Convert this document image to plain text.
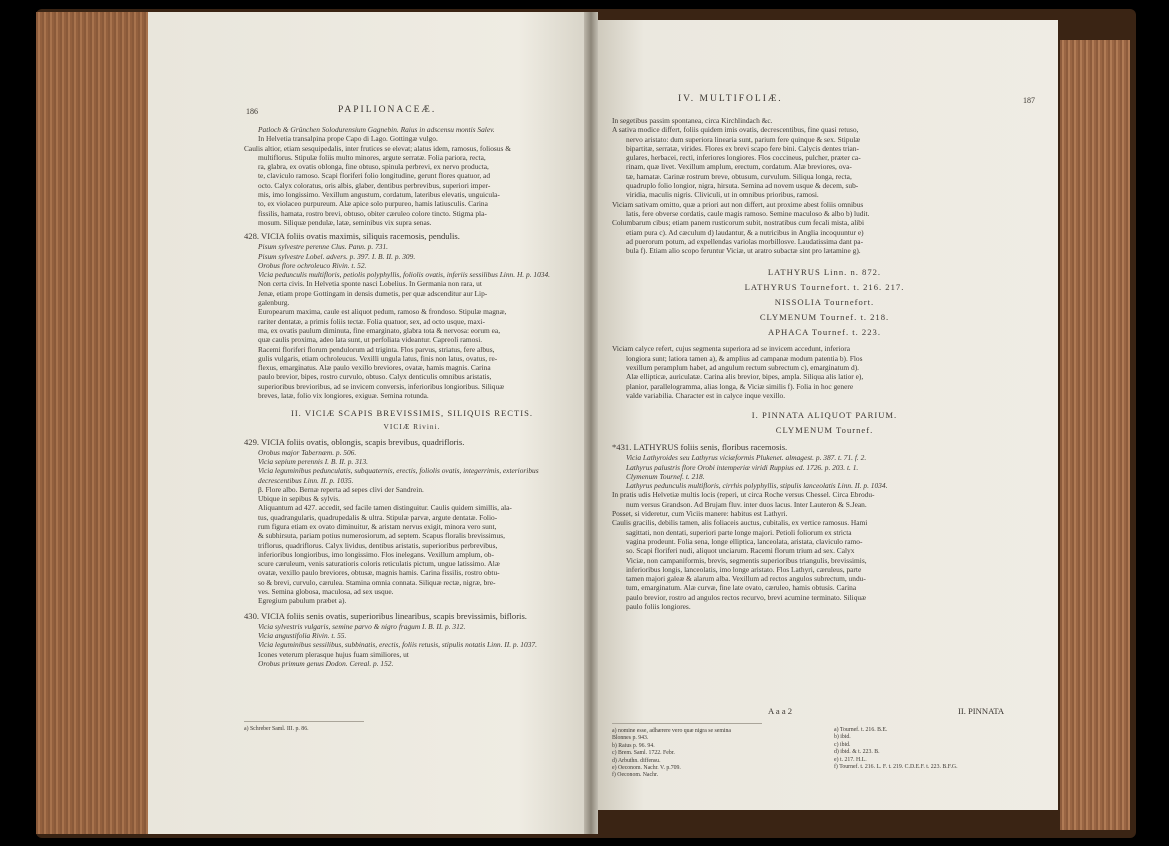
186	PAPILIONACEÆ.

Patloch & Grünchen Solodurensium Gagnebin. Raius in adscensu montis Salev.

In Helvetia transalpina prope Capo di Lago. Gottingæ vulgo.

Caulis altior, etiam sesquipedalis, inter frutices se elevat; alatus idem, ramosus, foliosus &

multiflorus. Stipulæ foliis multo minores, argute serratæ. Folia pariora, recta,

ra, glabra, ex ovatis oblonga, fine obtuso, spinula perbrevi, ex nervo producta,

te, claviculo ramoso. Scapi floriferi folio longitudine, gerunt flores quatuor, ad

octo. Calyx coloratus, oris albis, glaber, dentibus perbrevibus, superiori imper-

mis, imo longissimo. Vexillum angustum, cordatum, lateribus elevatis, unguicula-

to, ex violaceo purpureum. Alæ apice solo purpureo, hamis latiusculis. Carina

fissilis, hamata, rostro brevi, obtuso, obiter cæruleo colore tincto. Stigma pla-

mosum. Siliquæ pendulæ, latæ, seminibus vix supra senas.

428. VICIA foliis ovatis maximis, siliquis racemosis, pendulis.

Pisum sylvestre perenne Clus. Pann. p. 731.

Pisum sylvestre Lobel. advers. p. 397. I. B. II. p. 309.

Orobus flore ochroleuco Rivin. t. 52.

Vicia pedunculis multifloris, petiolis polyphyllis, foliolis ovatis, inferiis sessilibus Linn. H. p. 1034.

Non certa civis. In Helvetia sponte nasci Lobelius. In Germania non rara, ut

Jenæ, etiam prope Gottingam in densis dumetis, per quæ adscenditur aur Lip-

galenburg.

Europearum maxima, caule est aliquot pedum, ramoso & frondoso. Stipulæ magnæ,

rariter dentatæ, a primis foliis tectæ. Folia quatuor, sex, ad octo usque, maxi-

ma, ex ovatis paulum diminuta, fine emarginato, glabra tota & nervosa: eorum ea,

quæ caulis proxima, adeo lata sunt, ut perfoliata videantur. Capreoli ramosi.

Racemi floriferi florum pendulorum ad triginta. Flos parvus, striatus, fere albus,

gulis vulgaris, etiam ochroleucus. Vexilli ungula latus, finis non latus, ovatus, re-

flexus, emarginatus. Alæ paulo vexillo breviores, ovatæ, hamis magnis. Carina

paulo brevior, bipes, rostro curvulo, obtuso. Calyx denticulis omnibus aristatis,

superioribus brevioribus, ad se invicem conversis, inferioribus longioribus. Siliquæ

breves, latæ, folio vix longiores, exiguæ. Semina rotunda.

II. VICIÆ SCAPIS BREVISSIMIS, SILIQUIS RECTIS.

VICIÆ Rivini.

429. VICIA foliis ovatis, oblongis, scapis brevibus, quadrifloris.

Orobus major Tabernæm. p. 506.

Vicia sepium perennis I. B. II. p. 313.

Vicia leguminibus pedunculatis, subquaternis, erectis, foliolis ovatis, integerrimis, exterioribus

decrescentibus Linn. II. p. 1035.

β. Flore albo. Bernæ reperta ad sepes clivi der Sandrein.

Ubique in sepibus & sylvis.

Aliquantum ad 427. accedit, sed facile tamen distinguitur. Caulis quidem simillis, ala-

tus, quadrangularis, quadrupedalis & ultra. Stipulæ parvæ, argute dentatæ. Folio-

rum figura etiam ex ovato diminuitur, & aristam nervus exigit, minora vero sunt,

& subhirsuta, pariam potius numerosiorum, ad septem. Scapus floralis brevissimus,

triflorus, quadriflorus. Calyx lividus, dentibus aristatis, superioribus perbrevibus,

inferioribus longioribus, imo longissimo. Flos inelegans. Vexillum amplum, ob-

scure cæruleum, venis saturatioris coloris reticulatis pictum, ungue latissimo. Alæ

ovatæ, vexillo paulo breviores, obtusæ, magnis hamis. Carina fissilis, rostro obtu-

so & brevi, curvulo, cærulea. Stamina omnia connata. Siliquæ rectæ, nigræ, bre-

ves. Semina globosa, maculosa, ad sex usque.

Egregium pabulum præbet a).

430. VICIA foliis senis ovatis, superioribus linearibus, scapis brevissimis, bifloris.

Vicia sylvestris vulgaris, semine parvo & nigro fragum I. B. II. p. 312.

Vicia angustifolia Rivin. t. 55.

Vicia leguminibus sessilibus, subbinatis, erectis, foliis retusis, stipulis notatis Linn. II. p. 1037.

Icones veterum plerasque hujus fuam similiores, ut

Orobus primum genus Dodon. Cereal. p. 152.

a) Schreber Saml. III. p. 86.

IV. MULTIFOLIÆ.	187

In segetibus passim spontanea, circa Kirchlindach &c.

A sativa modice differt, foliis quidem imis ovatis, decrescentibus, fine quasi retuso,

nervo aristato: dum superiora linearia sunt, parium fere quinque & sex. Stipulæ

bipartitæ, serratæ, virides. Flores ex brevi scapo fere bini. Calycis dentes trian-

gulares, herbacei, recti, inferiores longiores. Flos coccineus, pulcher, præter ca-

rinam, quæ livet. Vexillum amplum, erectum, cordatum. Alæ breviores, ova-

tæ, hamatæ. Carinæ rostrum breve, obtusum, curvulum. Siliqua longa, recta,

quadruplo folio longior, nigra, hirsuta. Semina ad novem usque & decem, sub-

viridia, maculis nigris. Cliviculi, ut in omnibus prioribus, ramosi.

Viciam sativam omitto, quæ a priori aut non differt, aut proxime abest foliis omnibus

latis, fere obverse cordatis, caule magis ramoso. Semine maculoso & albo b) ludit.

Columbarum cibus; etiam panem rusticorum subit, nostratibus cum fecali mista, alibi

etiam pura c). Ad cæculum d) laudantur, & a nutricibus in Anglia incoquuntur e)

ad puerorum potum, ad expellendas variolas morbillosve. Laudatissima dant pa-

bula f). Etiam alio scopo feruntur Viciæ, ut aratro subactæ sint pro lætamine g).

LATHYRUS Linn. n. 872.

LATHYRUS Tournefort. t. 216. 217.

NISSOLIA Tournefort.

CLYMENUM Tournef. t. 218.

APHACA Tournef. t. 223.

Viciam calyce refert, cujus segmenta superiora ad se invicem accedunt, inferiora

longiora sunt; latiora tamen a), & amplius ad campanæ modum patentia b). Flos

vexillum peramplum habet, ad angulum rectum subrectum c), emarginatum d).

Alæ ellipticæ, auriculatæ. Carina alis brevior, bipes, ampla. Siliqua alis latior e),

planior, parallelogramma, alias longa, & Viciæ similis f). Folia in hoc genere

valde variabilia. Character est in calyce inque vexillo.

I. PINNATA ALIQUOT PARIUM.

CLYMENUM Tournef.

*431. LATHYRUS foliis senis, floribus racemosis.

Vicia Lathyroides seu Lathyrus viciæformis Plukenet. almagest. p. 387. t. 71. f. 2.

Lathyrus palustris flore Orobi intemperiæ viridi Ruppius ed. 1726. p. 203. t. 1.

Clymenum Tournef. t. 218.

Lathyrus pedunculis multifloris, cirrhis polyphyllis, stipulis lanceolatis Linn. II. p. 1034.

In pratis udis Helvetiæ multis locis (reperi, ut circa Roche versus Chessel. Circa Ebrodu-

num versus Grandson. Ad Brujam fluv. inter duos lacus. Inter Lauteron & S.Jean.

Posset, si videretur, cum Viciis manere: habitus est Lathyri.

Caulis gracilis, debilis tamen, alis foliaceis auctus, cubitalis, ex vertice ramosus. Hami

sagittati, non dentati, superiori parte longe majori. Petioli foliorum ex stricta

vagina prodeunt. Folia sena, longe elliptica, lanceolata, aristata, claviculo ramo-

so. Scapi floriferi nudi, aliquot unciarum. Racemi florum trium ad sex. Calyx

Viciæ, non campaniformis, brevis, segmentis superioribus triangulis, brevissimis,

inferioribus longis, lanceolatis, imo longe aristato. Flos Lathyri, cæruleus, parte

tamen majori galeæ & alarum alba. Vexillum ad rectos angulos subrectum, undu-

tum, emarginatum. Alæ curvæ, fine late ovato, cæruleo, hamis obtusis. Carina

paulo brevior, rostro ad angulos rectos recurvo, brevi acumine terminato. Siliquæ

paulo foliis longiores.

A a a 2	II. PINNATA

a) nomine esse, adhærere vero quæ nigra se semina

Blonnes p. 943.

b) Raius p. 96. 94.

c) Brem. Saml. 1722. Febr.

d) Arbuthn. diffensu.

e) Oeconom. Nachr. V. p.709.

f) Oeconom. Nachr.

a) Tournef. t. 216. B.E.

b) ibid.

c) ibid.

d) ibid. & t. 223. B.

e) t. 217. H.L.

f) Tournef. t. 216. L. F. t. 219. C.D.E.F. t. 223. B.F.G.
